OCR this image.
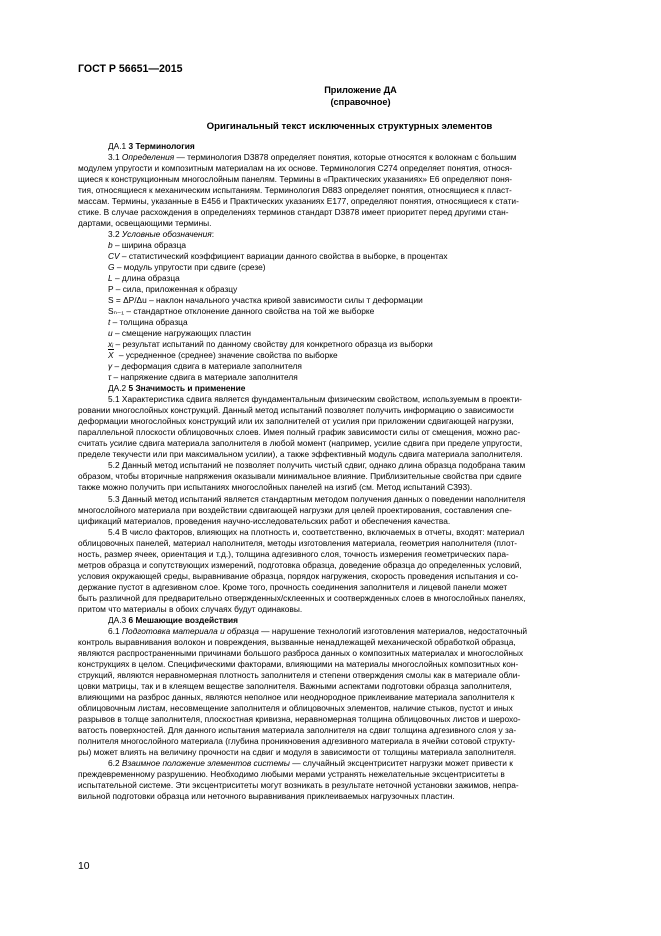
ГОСТ Р 56651—2015
Приложение ДА
(справочное)
Оригинальный текст исключенных структурных элементов
ДА.1 3 Терминология
3.1 Определения — терминология D3878 определяет понятия, которые относятся к волокнам с большим
модулем упругости и композитным материалам на их основе. Терминология C274 определяет понятия, относя-
щиеся к конструкционным многослойным панелям. Термины в «Практических указаниях» E6 определяют поня-
тия, относящиеся к механическим испытаниям. Терминология D883 определяет понятия, относящиеся к пласт-
массам. Термины, указанные в E456 и Практических указаниях E177, определяют понятия, относящиеся к стати-
стике. В случае расхождения в определениях терминов стандарт D3878 имеет приоритет перед другими стан-
дартами, освещающими термины.
3.2 Условные обозначения:
b – ширина образца
CV – статистический коэффициент вариации данного свойства в выборке, в процентах
G – модуль упругости при сдвиге (срезе)
L – длина образца
P – сила, приложенная к образцу
S = ΔP/Δu – наклон начального участка кривой зависимости силы т деформации
Sₙ₋₁ – стандартное отклонение данного свойства на той же выборке
t – толщина образца
u – смещение нагружающих пластин
xᵢ – результат испытаний по данному свойству для конкретного образца из выборки
X – усредненное (среднее) значение свойства по выборке
γ – деформация сдвига в материале заполнителя
τ – напряжение сдвига в материале заполнителя
ДА.2 5 Значимость и применение
5.1 Характеристика сдвига является фундаментальным физическим свойством, используемым в проекти-
ровании многослойных конструкций. Данный метод испытаний позволяет получить информацию о зависимости
деформации многослойных конструкций или их заполнителей от усилия при приложении сдвигающей нагрузки,
параллельной плоскости облицовочных слоев. Имея полный график зависимости силы от смещения, можно рас-
считать усилие сдвига материала заполнителя в любой момент (например, усилие сдвига при пределе упругости,
пределе текучести или при максимальном усилии), а также эффективный модуль сдвига материала заполнителя.
5.2 Данный метод испытаний не позволяет получить чистый сдвиг, однако длина образца подобрана таким
образом, чтобы вторичные напряжения оказывали минимальное влияние. Приблизительные свойства при сдвиге
также можно получить при испытаниях многослойных панелей на изгиб (см. Метод испытаний C393).
5.3 Данный метод испытаний является стандартным методом получения данных о поведении наполнителя
многослойного материала при воздействии сдвигающей нагрузки для целей проектирования, составления спе-
цификаций материалов, проведения научно-исследовательских работ и обеспечения качества.
5.4 В число факторов, влияющих на плотность и, соответственно, включаемых в отчеты, входят: материал
облицовочных панелей, материал наполнителя, методы изготовления материала, геометрия наполнителя (плот-
ность, размер ячеек, ориентация и т.д.), толщина адгезивного слоя, точность измерения геометрических пара-
метров образца и сопутствующих измерений, подготовка образца, доведение образца до определенных условий,
условия окружающей среды, выравнивание образца, порядок нагружения, скорость проведения испытания и со-
держание пустот в адгезивном слое. Кроме того, прочность соединения заполнителя и лицевой панели может
быть различной для предварительно отвержденных/склеенных и соотвержденных слоев в многослойных панелях,
притом что материалы в обоих случаях будут одинаковы.
ДА.3 6 Мешающие воздействия
6.1 Подготовка материала и образца — нарушение технологий изготовления материалов, недостаточный
контроль выравнивания волокон и повреждения, вызванные ненадлежащей механической обработкой образца,
являются распространенными причинами большого разброса данных о композитных материалах и многослойных
конструкциях в целом. Специфическими факторами, влияющими на материалы многослойных композитных кон-
струкций, являются неравномерная плотность заполнителя и степени отверждения смолы как в материале обли-
цовки матрицы, так и в клеящем веществе заполнителя. Важными аспектами подготовки образца заполнителя,
влияющими на разброс данных, являются неполное или неоднородное приклеивание материала заполнителя к
облицовочным листам, несовмещение заполнителя и облицовочных элементов, наличие стыков, пустот и иных
разрывов в толще заполнителя, плоскостная кривизна, неравномерная толщина облицовочных листов и шерохо-
ватость поверхностей. Для данного испытания материала заполнителя на сдвиг толщина адгезивного слоя у за-
полнителя многослойного материала (глубина проникновения адгезивного материала в ячейки сотовой структу-
ры) может влиять на величину прочности на сдвиг и модуля в зависимости от толщины материала заполнителя.
6.2 Взаимное положение элементов системы — случайный эксцентриситет нагрузки может привести к
преждевременному разрушению. Необходимо любыми мерами устранять нежелательные эксцентриситеты в
испытательной системе. Эти эксцентриситеты могут возникать в результате неточной установки зажимов, непра-
вильной подготовки образца или неточного выравнивания приклеиваемых нагрузочных пластин.
10
